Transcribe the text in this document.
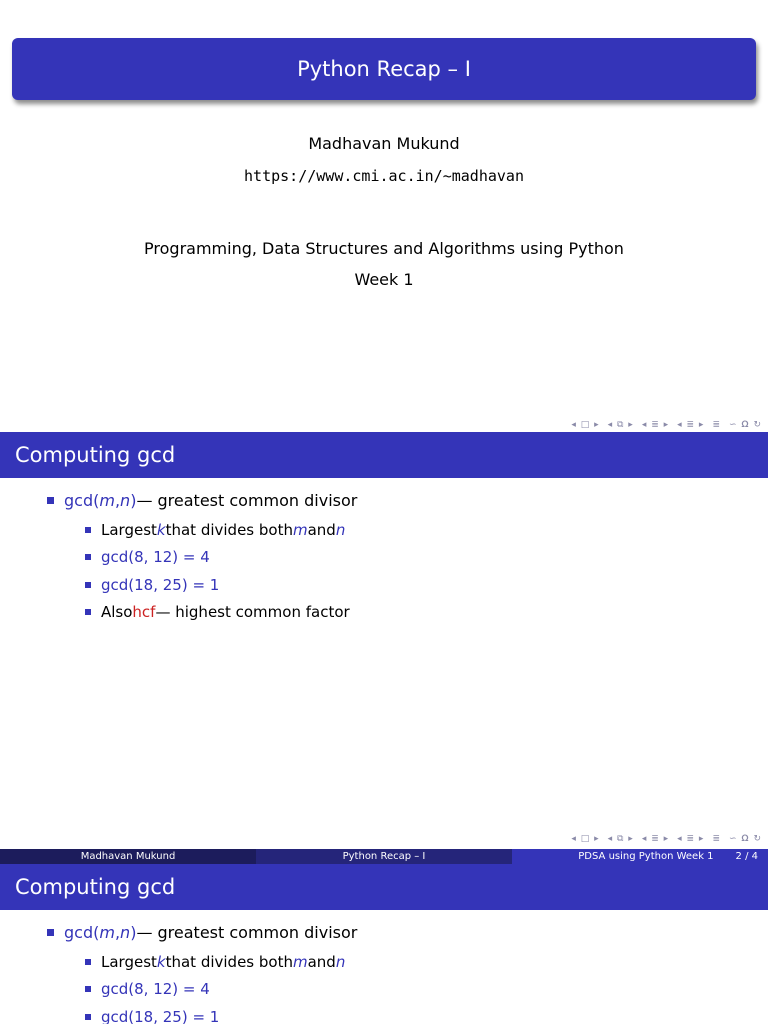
Python Recap – I
Madhavan Mukund
https://www.cmi.ac.in/~madhavan
Programming, Data Structures and Algorithms using Python
Week 1
◂ □ ▸ ◂ ⧉ ▸ ◂ ≣ ▸ ◂ ≣ ▸ ≣ ∽ 𝛀 ↻
Computing gcd
gcd( m , n ) — greatest common divisor
Largest k that divides both m and n
gcd(8, 12) = 4
gcd(18, 25) = 1
Also hcf — highest common factor
◂ □ ▸ ◂ ⧉ ▸ ◂ ≣ ▸ ◂ ≣ ▸ ≣ ∽ 𝛀 ↻
Madhavan Mukund	Python Recap – I	PDSA using Python Week 1 2 / 4
Computing gcd
gcd( m , n ) — greatest common divisor
Largest k that divides both m and n
gcd(8, 12) = 4
gcd(18, 25) = 1
